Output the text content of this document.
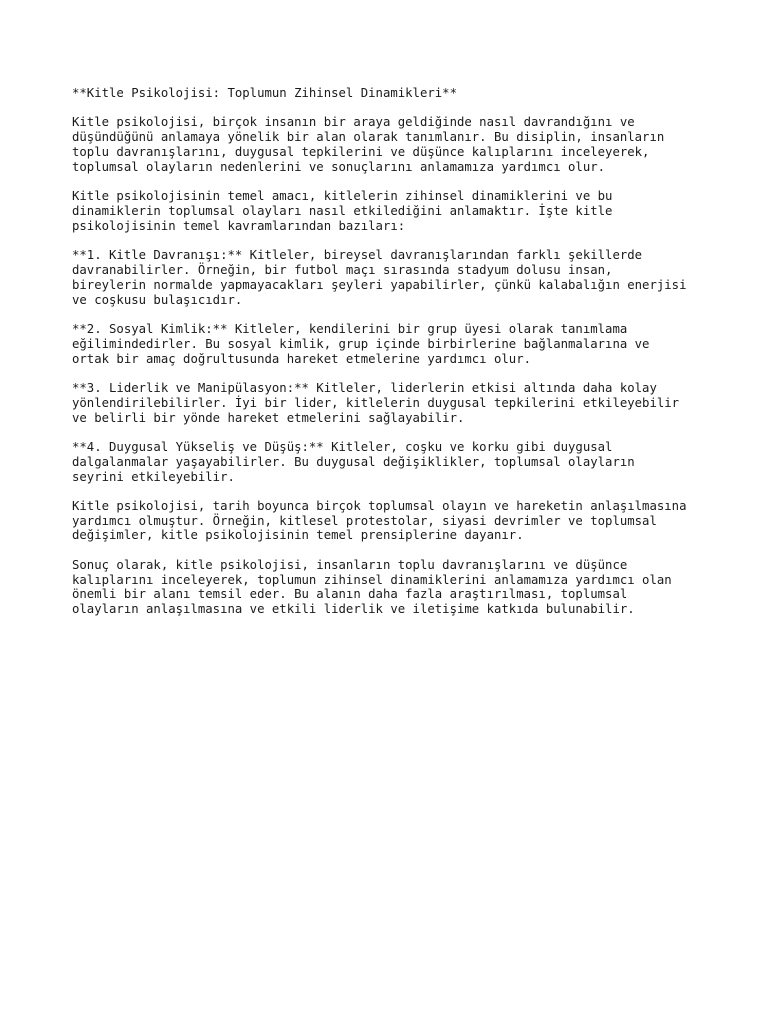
**Kitle Psikolojisi: Toplumun Zihinsel Dinamikleri**
Kitle psikolojisi, birçok insanın bir araya geldiğinde nasıl davrandığını ve
düşündüğünü anlamaya yönelik bir alan olarak tanımlanır. Bu disiplin, insanların
toplu davranışlarını, duygusal tepkilerini ve düşünce kalıplarını inceleyerek,
toplumsal olayların nedenlerini ve sonuçlarını anlamamıza yardımcı olur.
Kitle psikolojisinin temel amacı, kitlelerin zihinsel dinamiklerini ve bu
dinamiklerin toplumsal olayları nasıl etkilediğini anlamaktır. İşte kitle
psikolojisinin temel kavramlarından bazıları:
**1. Kitle Davranışı:** Kitleler, bireysel davranışlarından farklı şekillerde
davranabilirler. Örneğin, bir futbol maçı sırasında stadyum dolusu insan,
bireylerin normalde yapmayacakları şeyleri yapabilirler, çünkü kalabalığın enerjisi
ve coşkusu bulaşıcıdır.
**2. Sosyal Kimlik:** Kitleler, kendilerini bir grup üyesi olarak tanımlama
eğilimindedirler. Bu sosyal kimlik, grup içinde birbirlerine bağlanmalarına ve
ortak bir amaç doğrultusunda hareket etmelerine yardımcı olur.
**3. Liderlik ve Manipülasyon:** Kitleler, liderlerin etkisi altında daha kolay
yönlendirilebilirler. İyi bir lider, kitlelerin duygusal tepkilerini etkileyebilir
ve belirli bir yönde hareket etmelerini sağlayabilir.
**4. Duygusal Yükseliş ve Düşüş:** Kitleler, coşku ve korku gibi duygusal
dalgalanmalar yaşayabilirler. Bu duygusal değişiklikler, toplumsal olayların
seyrini etkileyebilir.
Kitle psikolojisi, tarih boyunca birçok toplumsal olayın ve hareketin anlaşılmasına
yardımcı olmuştur. Örneğin, kitlesel protestolar, siyasi devrimler ve toplumsal
değişimler, kitle psikolojisinin temel prensiplerine dayanır.
Sonuç olarak, kitle psikolojisi, insanların toplu davranışlarını ve düşünce
kalıplarını inceleyerek, toplumun zihinsel dinamiklerini anlamamıza yardımcı olan
önemli bir alanı temsil eder. Bu alanın daha fazla araştırılması, toplumsal
olayların anlaşılmasına ve etkili liderlik ve iletişime katkıda bulunabilir.
